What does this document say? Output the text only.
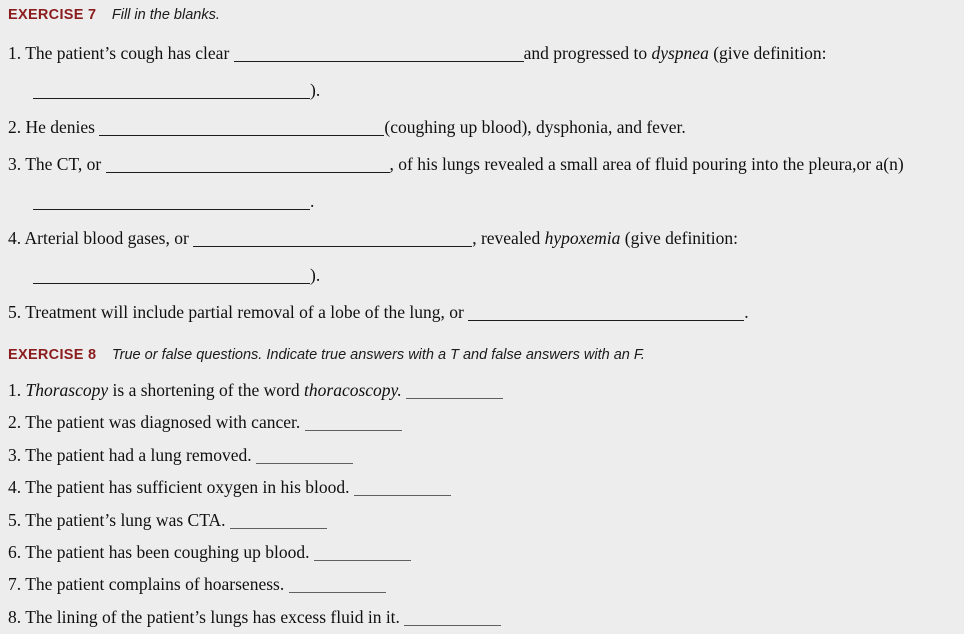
EXERCISE 7 Fill in the blanks.
1. The patient’s cough has clear	and progressed to dyspnea (give definition:
).
2. He denies	(coughing up blood), dysphonia, and fever.
3. The CT, or	, of his lungs revealed a small area of fluid pouring into the pleura,or a(n)
.
4. Arterial blood gases, or	, revealed hypoxemia (give definition:
).
5. Treatment will include partial removal of a lobe of the lung, or	.
EXERCISE 8 True or false questions. Indicate true answers with a T and false answers with an F.
1. Thorascopy is a shortening of the word thoracoscopy.
2. The patient was diagnosed with cancer.
3. The patient had a lung removed.
4. The patient has sufficient oxygen in his blood.
5. The patient’s lung was CTA.
6. The patient has been coughing up blood.
7. The patient complains of hoarseness.
8. The lining of the patient’s lungs has excess fluid in it.
